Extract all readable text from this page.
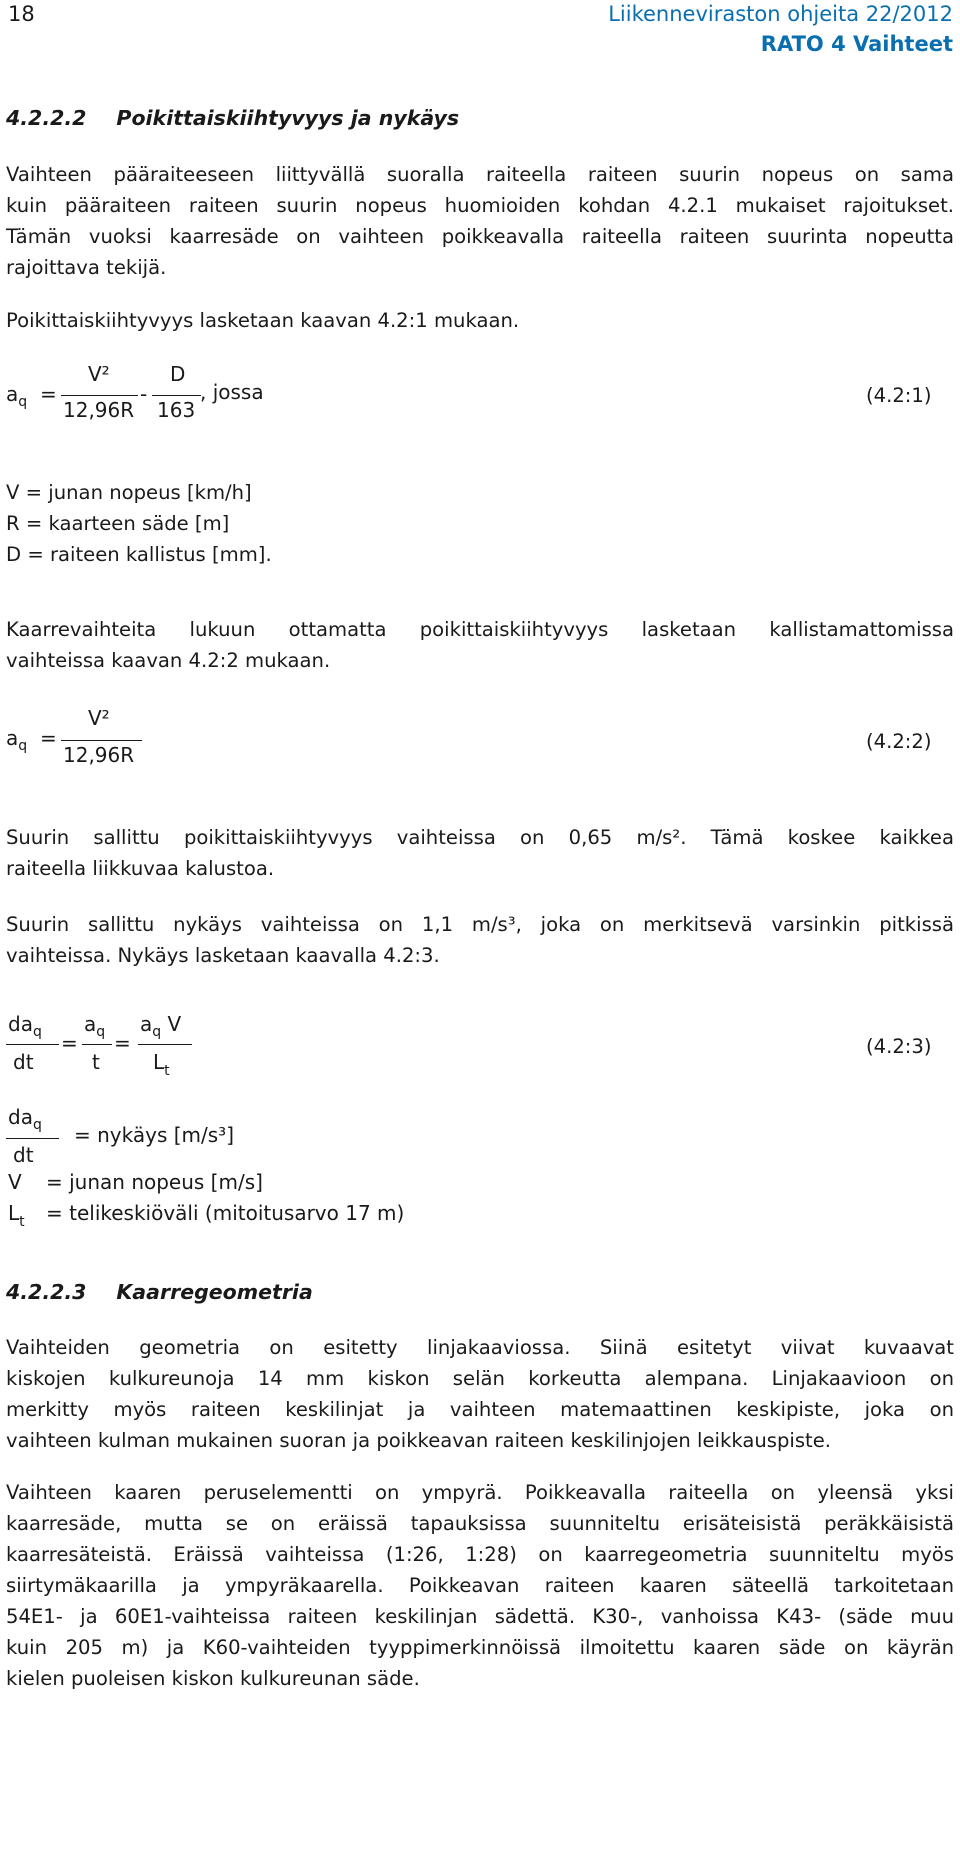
18	Liikenneviraston ohjeita 22/2012
RATO 4 Vaihteet
4.2.2.2 Poikittaiskiihtyvyys ja nykäys
Vaihteen pääraiteeseen liittyvällä suoralla raiteella raiteen suurin nopeus on sama
kuin pääraiteen raiteen suurin nopeus huomioiden kohdan 4.2.1 mukaiset rajoitukset.
Tämän vuoksi kaarresäde on vaihteen poikkeavalla raiteella raiteen suurinta nopeutta
rajoittava tekijä.
Poikittaiskiihtyvyys lasketaan kaavan 4.2:1 mukaan.
$a_q$ =
V²
12,96R
-
D
163
, jossa	(4.2:1)
V = junan nopeus [km/h]
R = kaarteen säde [m]
D = raiteen kallistus [mm].
Kaarrevaihteita lukuun ottamatta poikittaiskiihtyvyys lasketaan kallistamattomissa
vaihteissa kaavan 4.2:2 mukaan.
$a_q$ =
V²
12,96R
(4.2:2)
Suurin sallittu poikittaiskiihtyvyys vaihteissa on 0,65 m/s². Tämä koskee kaikkea
raiteella liikkuvaa kalustoa.
Suurin sallittu nykäys vaihteissa on 1,1 m/s³, joka on merkitsevä varsinkin pitkissä
vaihteissa. Nykäys lasketaan kaavalla 4.2:3.
$da_q$
dt
=
$a_q$
t
=
$a_q$ V
$L_t$
(4.2:3)
$da_q$
dt
= nykäys [m/s³]
V = junan nopeus [m/s]
$L_t$ = telikeskiöväli (mitoitusarvo 17 m)
4.2.2.3 Kaarregeometria
Vaihteiden geometria on esitetty linjakaaviossa. Siinä esitetyt viivat kuvaavat
kiskojen kulkureunoja 14 mm kiskon selän korkeutta alempana. Linjakaavioon on
merkitty myös raiteen keskilinjat ja vaihteen matemaattinen keskipiste, joka on
vaihteen kulman mukainen suoran ja poikkeavan raiteen keskilinjojen leikkauspiste.
Vaihteen kaaren peruselementti on ympyrä. Poikkeavalla raiteella on yleensä yksi
kaarresäde, mutta se on eräissä tapauksissa suunniteltu erisäteisistä peräkkäisistä
kaarresäteistä. Eräissä vaihteissa (1:26, 1:28) on kaarregeometria suunniteltu myös
siirtymäkaarilla ja ympyräkaarella. Poikkeavan raiteen kaaren säteellä tarkoitetaan
54E1- ja 60E1-vaihteissa raiteen keskilinjan sädettä. K30-, vanhoissa K43- (säde muu
kuin 205 m) ja K60-vaihteiden tyyppimerkinnöissä ilmoitettu kaaren säde on käyrän
kielen puoleisen kiskon kulkureunan säde.
